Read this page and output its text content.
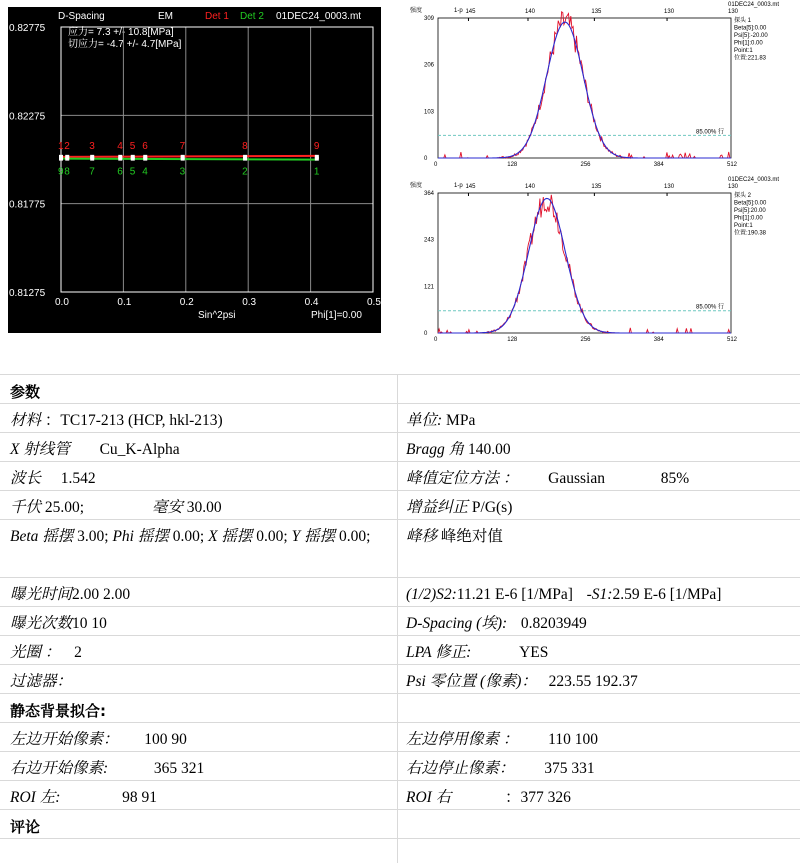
D-Spacing	EM	Det 1 Det 2 01DEC24_0003.mt
应力= 7.3 +/- 10.8[MPa]
切应力= -4.7 +/- 4.7[MPa]
0.0	0.1	0.2	0.3	0.4	0.5
0.82775
0.82275
0.81775
0.81275
1 2 3 4 5 6	7	8	9
1
2
3
4
5
6
7
8
9
Sin^2psi	Phi[1]=0.00
强度	1-p
01DEC24_0003.mt
130
145	140	135	130
0
103
206
309
0	128	256	384	512
85.00% 行
探头 1
Beta[5]:0.00
Psi[5]:-20.00
Phi[1]:0.00
Point:1
位置:221.83
强度	1-p
01DEC24_0003.mt
130
145	140	135	130
0
121
243
364
0	128	256	384	512
85.00% 行
探头 2
Beta[5]:0.00
Psi[5]:20.00
Phi[1]:0.00
Point:1
位置:190.38
参数
材料 ：TC17-213 (HCP, hkl-213)	单位: MPa
X 射线管 Cu_K-Alpha	Bragg 角 140.00
波长 1.542	峰值定位方法 ： Gaussian	85%
千伏 25.00;	毫安 30.00	增益纠正 P/G(s)
Beta 摇摆 3.00; Phi 摇摆 0.00; X 摇摆 0.00; Y 摇摆 0.00;	峰移 峰绝对值
曝光时间2.00 2.00	(1/2)S2:11.21 E-6 [1/MPa] -S1:2.59 E-6 [1/MPa]
曝光次数10 10	D-Spacing (埃): 0.8203949
光圈 ： 2	LPA 修正:	YES
过滤器：	Psi 零位置 (像素)： 223.55 192.37
静态背景拟合:
左边开始像素： 100 90	左边停用像素 ： 110 100
右边开始像素:	365 321	右边停止像素： 375 331
ROI 左:	98 91	ROI 右	：377 326
评论
